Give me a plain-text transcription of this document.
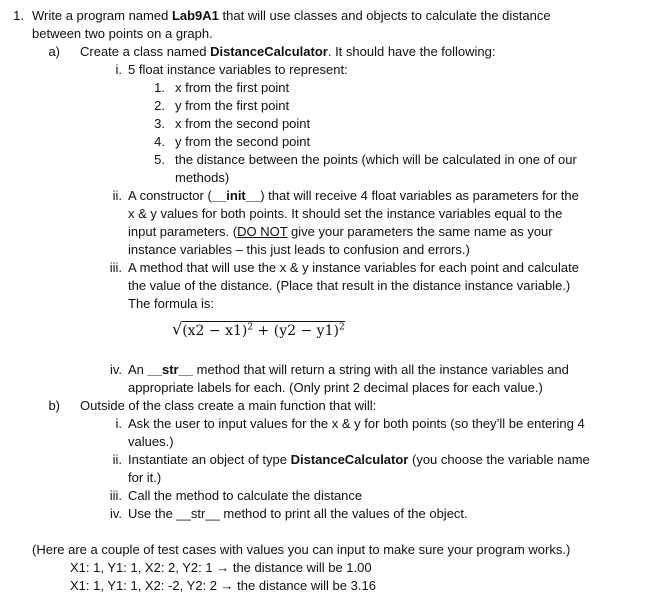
1. Write a program named Lab9A1 that will use classes and objects to calculate the distance
between two points on a graph.
a) Create a class named DistanceCalculator. It should have the following:
i. 5 float instance variables to represent:
1. x from the first point
2. y from the first point
3. x from the second point
4. y from the second point
5. the distance between the points (which will be calculated in one of our
methods)
ii. A constructor (__init__) that will receive 4 float variables as parameters for the
x & y values for both points. It should set the instance variables equal to the
input parameters. (DO NOT give your parameters the same name as your
instance variables – this just leads to confusion and errors.)
iii. A method that will use the x & y instance variables for each point and calculate
the value of the distance. (Place that result in the distance instance variable.)
The formula is:
$√(x2 - x1)^2 + (y2 - y1)^2$
iv. An __str__ method that will return a string with all the instance variables and
appropriate labels for each. (Only print 2 decimal places for each value.)
b) Outside of the class create a main function that will:
i. Ask the user to input values for the x & y for both points (so they’ll be entering 4
values.)
ii. Instantiate an object of type DistanceCalculator (you choose the variable name
for it.)
iii. Call the method to calculate the distance
iv. Use the __str__ method to print all the values of the object.
(Here are a couple of test cases with values you can input to make sure your program works.)
X1: 1, Y1: 1, X2: 2, Y2: 1 → the distance will be 1.00
X1: 1, Y1: 1, X2: -2, Y2: 2 → the distance will be 3.16
